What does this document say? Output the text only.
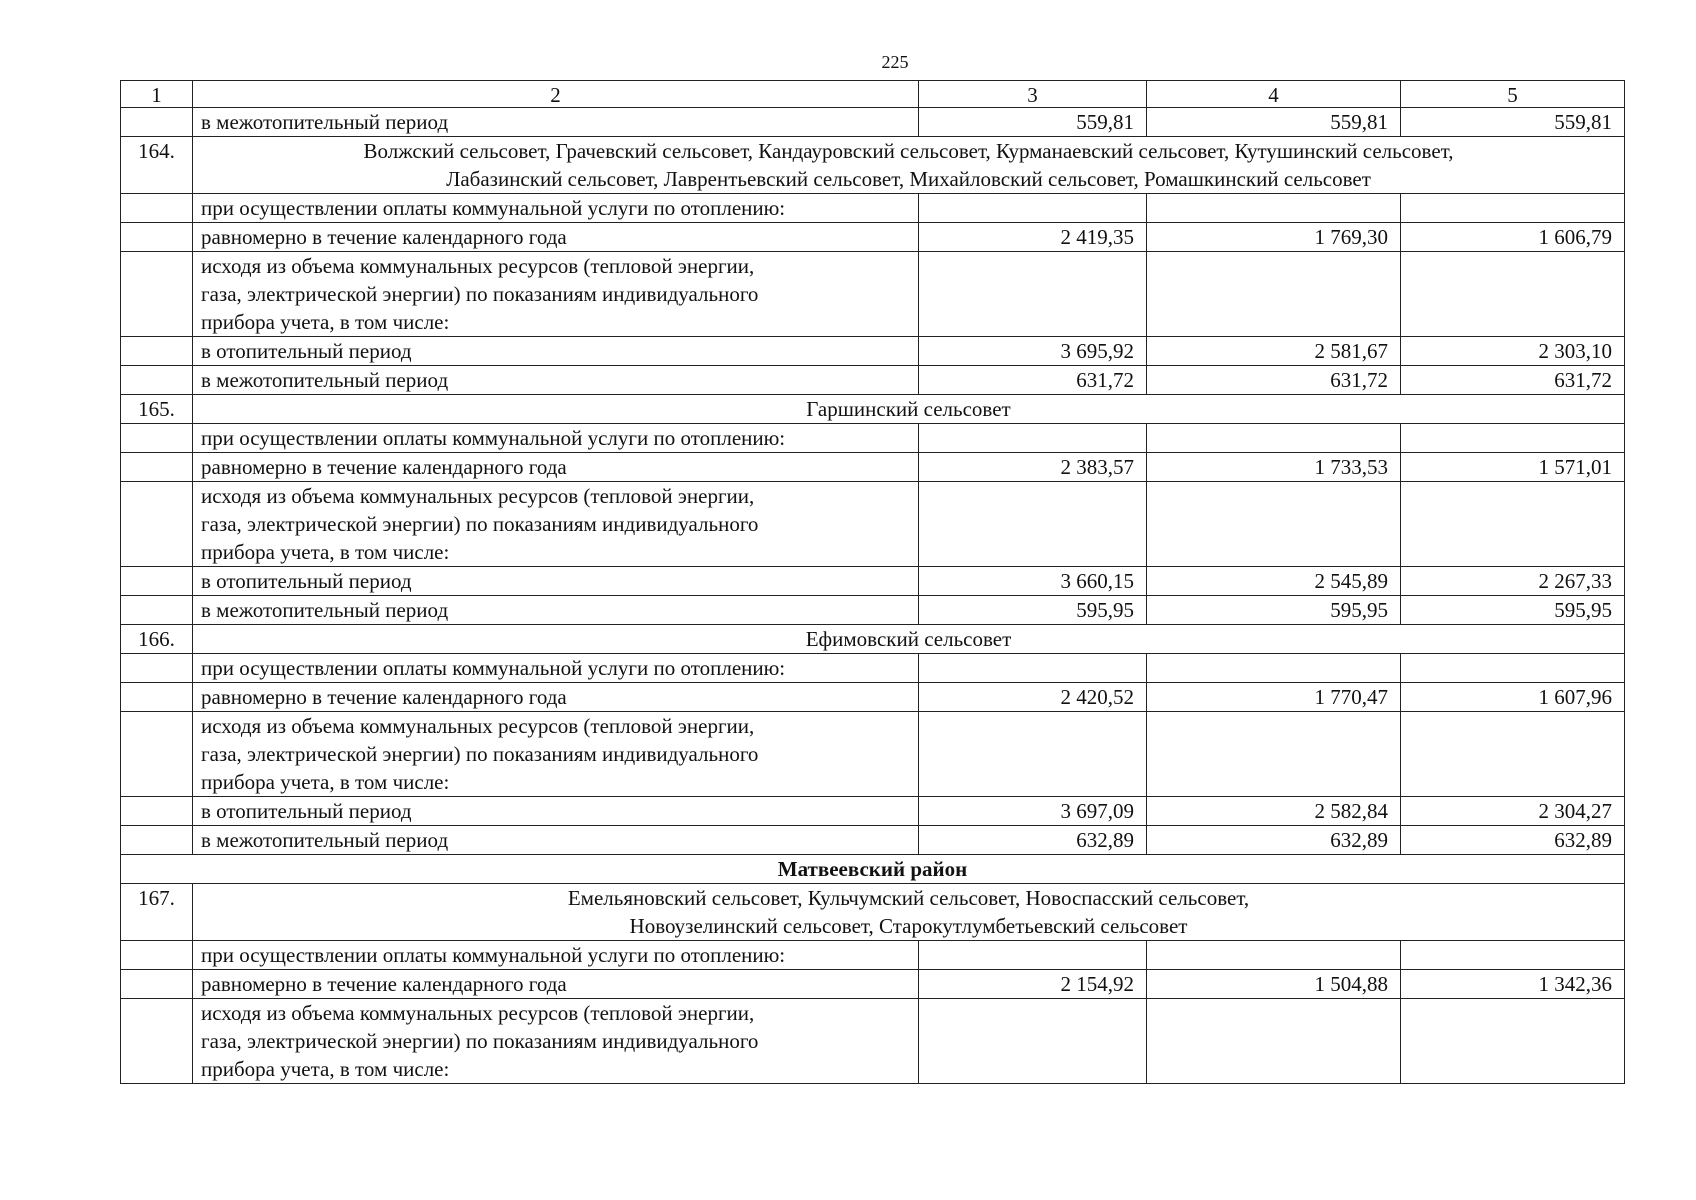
225
1	2	3	4	5
	в межотопительный период	559,81	559,81	559,81
164.	Волжский сельсовет, Грачевский сельсовет, Кандауровский сельсовет, Курманаевский сельсовет, Кутушинский сельсовет,
Лабазинский сельсовет, Лаврентьевский сельсовет, Михайловский сельсовет, Ромашкинский сельсовет			
	при осуществлении оплаты коммунальной услуги по отоплению:			
	равномерно в течение календарного года	2 419,35	1 769,30	1 606,79
	исходя из объема коммунальных ресурсов (тепловой энергии,
газа, электрической энергии) по показаниям индивидуального
прибора учета, в том числе:			
	в отопительный период	3 695,92	2 581,67	2 303,10
	в межотопительный период	631,72	631,72	631,72
165.	Гаршинский сельсовет			
	при осуществлении оплаты коммунальной услуги по отоплению:			
	равномерно в течение календарного года	2 383,57	1 733,53	1 571,01
	исходя из объема коммунальных ресурсов (тепловой энергии,
газа, электрической энергии) по показаниям индивидуального
прибора учета, в том числе:			
	в отопительный период	3 660,15	2 545,89	2 267,33
	в межотопительный период	595,95	595,95	595,95
166.	Ефимовский сельсовет			
	при осуществлении оплаты коммунальной услуги по отоплению:			
	равномерно в течение календарного года	2 420,52	1 770,47	1 607,96
	исходя из объема коммунальных ресурсов (тепловой энергии,
газа, электрической энергии) по показаниям индивидуального
прибора учета, в том числе:			
	в отопительный период	3 697,09	2 582,84	2 304,27
	в межотопительный период	632,89	632,89	632,89
Матвеевский район				
167.	Емельяновский сельсовет, Кульчумский сельсовет, Новоспасский сельсовет,
Новоузелинский сельсовет, Старокутлумбетьевский сельсовет			
	при осуществлении оплаты коммунальной услуги по отоплению:			
	равномерно в течение календарного года	2 154,92	1 504,88	1 342,36
	исходя из объема коммунальных ресурсов (тепловой энергии,
газа, электрической энергии) по показаниям индивидуального
прибора учета, в том числе:			
